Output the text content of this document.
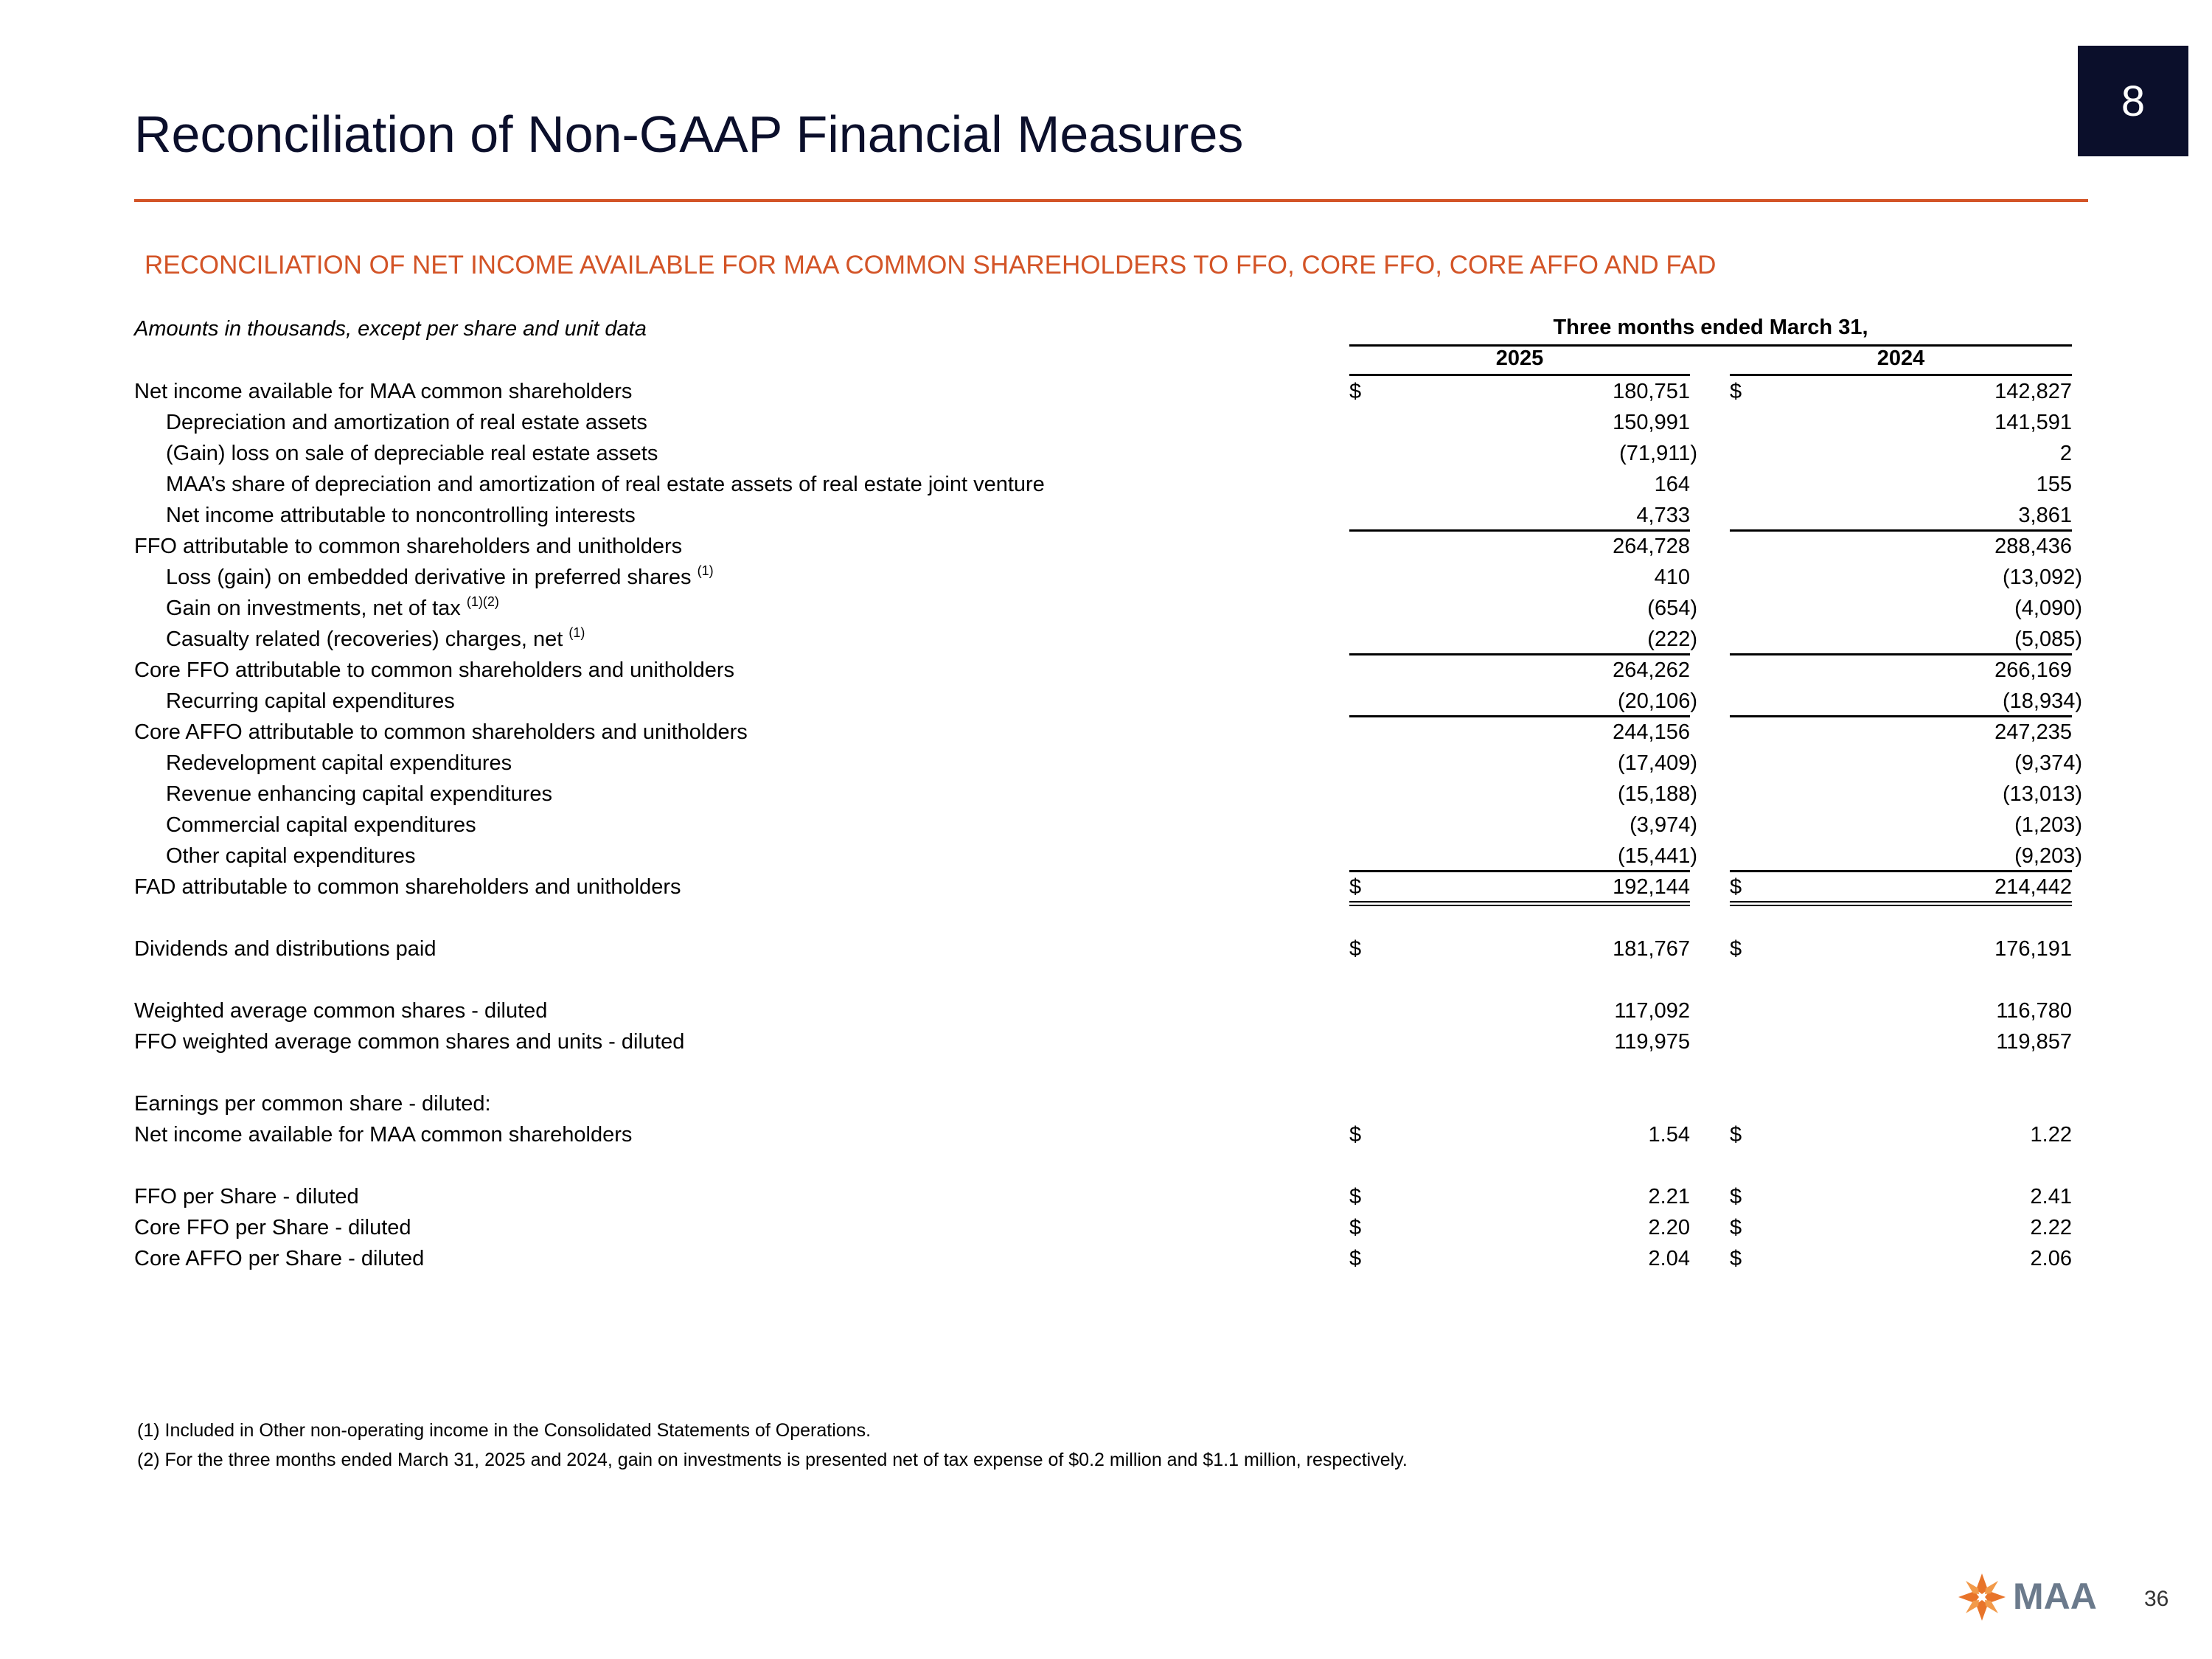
8
Reconciliation of Non-GAAP Financial Measures
RECONCILIATION OF NET INCOME AVAILABLE FOR MAA COMMON SHAREHOLDERS TO FFO, CORE FFO, CORE AFFO AND FAD
Amounts in thousands, except per share and unit data	Three months ended March 31,
2025	2024
Net income available for MAA common shareholders	$	180,751 $	142,827
Depreciation and amortization of real estate assets	150,991	141,591
(Gain) loss on sale of depreciable real estate assets	(71,911)	2
MAA’s share of depreciation and amortization of real estate assets of real estate joint venture	164	155
Net income attributable to noncontrolling interests	4,733	3,861
FFO attributable to common shareholders and unitholders	264,728	288,436
Loss (gain) on embedded derivative in preferred shares $^{(1)}$	410	(13,092)
Gain on investments, net of tax $^{(1)(2)}$	(654)	(4,090)
Casualty related (recoveries) charges, net $^{(1)}$	(222)	(5,085)
Core FFO attributable to common shareholders and unitholders	264,262	266,169
Recurring capital expenditures	(20,106)	(18,934)
Core AFFO attributable to common shareholders and unitholders	244,156	247,235
Redevelopment capital expenditures	(17,409)	(9,374)
Revenue enhancing capital expenditures	(15,188)	(13,013)
Commercial capital expenditures	(3,974)	(1,203)
Other capital expenditures	(15,441)	(9,203)
FAD attributable to common shareholders and unitholders	$	192,144 $	214,442
Dividends and distributions paid	$	181,767 $	176,191
Weighted average common shares - diluted	117,092	116,780
FFO weighted average common shares and units - diluted	119,975	119,857
Earnings per common share - diluted:
Net income available for MAA common shareholders	$	1.54 $	1.22
FFO per Share - diluted	$	2.21 $	2.41
Core FFO per Share - diluted	$	2.20 $	2.22
Core AFFO per Share - diluted	$	2.04 $	2.06
(1) Included in Other non-operating income in the Consolidated Statements of Operations.
(2) For the three months ended March 31, 2025 and 2024, gain on investments is presented net of tax expense of $0.2 million and $1.1 million, respectively.
MAA 36
